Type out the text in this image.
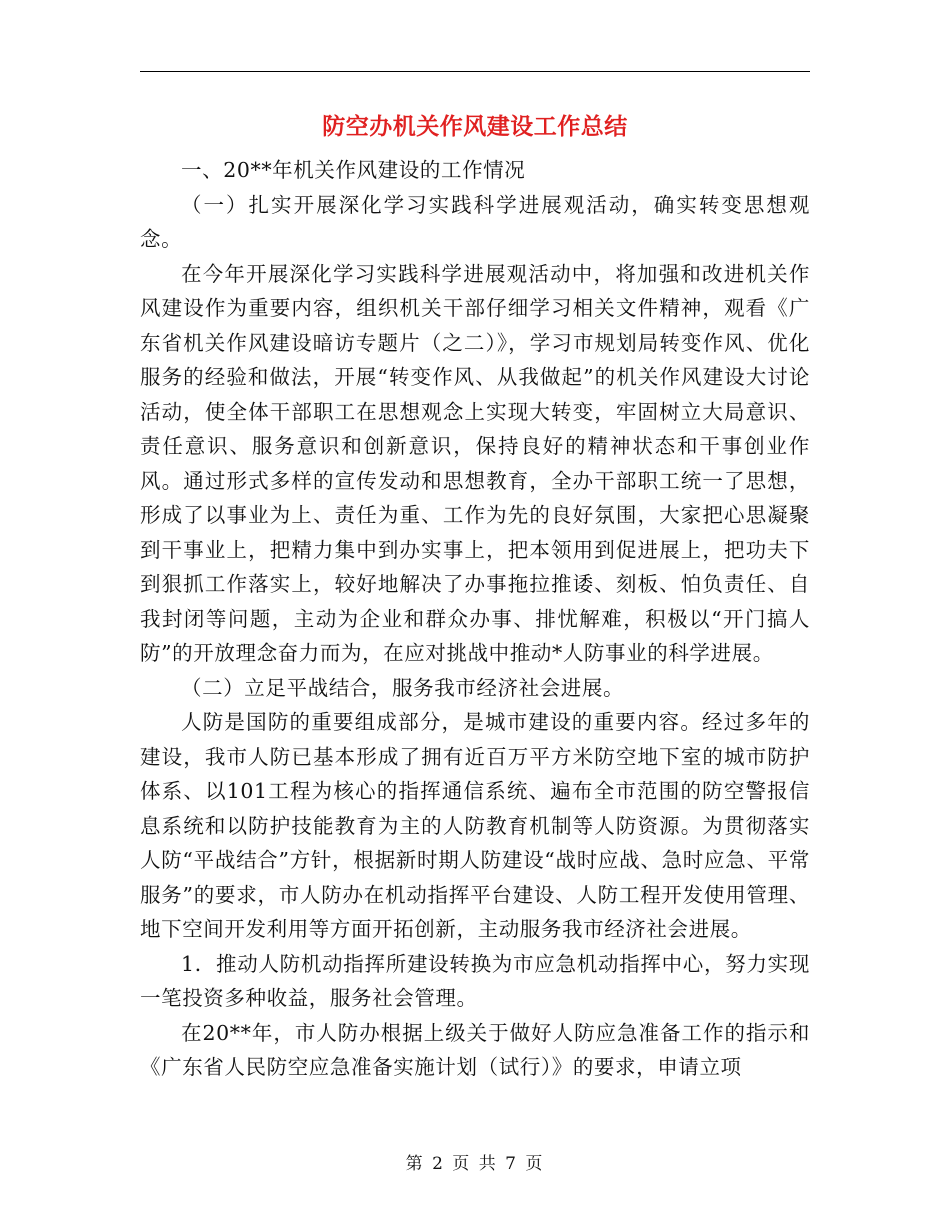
防空办机关作风建设工作总结

一、20**年机关作风建设的工作情况

（一）扎实开展深化学习实践科学进展观活动，确实转变思想观念。

在今年开展深化学习实践科学进展观活动中，将加强和改进机关作风建设作为重要内容，组织机关干部仔细学习相关文件精神，观看《广东省机关作风建设暗访专题片（之二）》，学习市规划局转变作风、优化服务的经验和做法，开展“转变作风、从我做起”的机关作风建设大讨论活动，使全体干部职工在思想观念上实现大转变，牢固树立大局意识、责任意识、服务意识和创新意识，保持良好的精神状态和干事创业作风。通过形式多样的宣传发动和思想教育，全办干部职工统一了思想，形成了以事业为上、责任为重、工作为先的良好氛围，大家把心思凝聚到干事业上，把精力集中到办实事上，把本领用到促进展上，把功夫下到狠抓工作落实上，较好地解决了办事拖拉推诿、刻板、怕负责任、自我封闭等问题，主动为企业和群众办事、排忧解难，积极以“开门搞人防”的开放理念奋力而为，在应对挑战中推动*人防事业的科学进展。

（二）立足平战结合，服务我市经济社会进展。

人防是国防的重要组成部分，是城市建设的重要内容。经过多年的建设，我市人防已基本形成了拥有近百万平方米防空地下室的城市防护体系、以101工程为核心的指挥通信系统、遍布全市范围的防空警报信息系统和以防护技能教育为主的人防教育机制等人防资源。为贯彻落实人防“平战结合”方针，根据新时期人防建设“战时应战、急时应急、平常服务”的要求，市人防办在机动指挥平台建设、人防工程开发使用管理、地下空间开发利用等方面开拓创新，主动服务我市经济社会进展。

1．推动人防机动指挥所建设转换为市应急机动指挥中心，努力实现一笔投资多种收益，服务社会管理。

在20**年，市人防办根据上级关于做好人防应急准备工作的指示和《广东省人民防空应急准备实施计划（试行）》的要求，申请立项

第 2 页 共 7 页
